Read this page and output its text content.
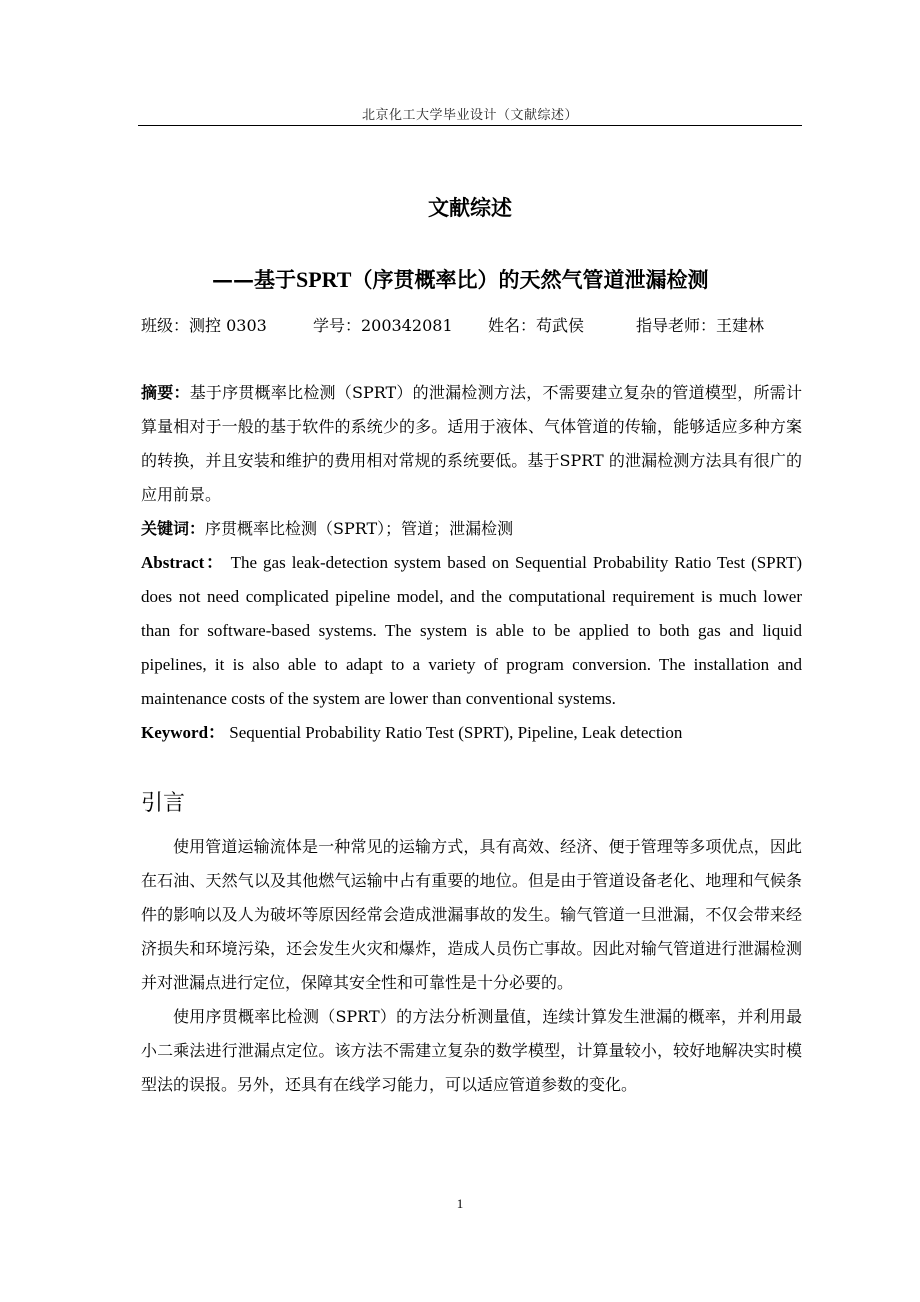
北京化工大学毕业设计（文献综述）
文献综述
——基于SPRT（序贯概率比）的天然气管道泄漏检测
班级：测控 0303	学号：200342081 姓名：苟武侯	指导老师：王建林
摘要：基于序贯概率比检测（SPRT）的泄漏检测方法，不需要建立复杂的管道模型，所需计算量相对于一般的基于软件的系统少的多。适用于液体、气体管道的传输，能够适应多种方案的转换，并且安装和维护的费用相对常规的系统要低。基于SPRT 的泄漏检测方法具有很广的应用前景。
关键词：序贯概率比检测（SPRT）；管道；泄漏检测
Abstract： The gas leak-detection system based on Sequential Probability Ratio Test (SPRT) does not need complicated pipeline model, and the computational requirement is much lower than for software-based systems. The system is able to be applied to both gas and liquid pipelines, it is also able to adapt to a variety of program conversion. The installation and maintenance costs of the system are lower than conventional systems.
Keyword： Sequential Probability Ratio Test (SPRT), Pipeline, Leak detection
引言
使用管道运输流体是一种常见的运输方式，具有高效、经济、便于管理等多项优点，因此在石油、天然气以及其他燃气运输中占有重要的地位。但是由于管道设备老化、地理和气候条件的影响以及人为破坏等原因经常会造成泄漏事故的发生。输气管道一旦泄漏，不仅会带来经济损失和环境污染，还会发生火灾和爆炸，造成人员伤亡事故。因此对输气管道进行泄漏检测并对泄漏点进行定位，保障其安全性和可靠性是十分必要的。
使用序贯概率比检测（SPRT）的方法分析测量值，连续计算发生泄漏的概率，并利用最小二乘法进行泄漏点定位。该方法不需建立复杂的数学模型，计算量较小，较好地解决实时模型法的误报。另外，还具有在线学习能力，可以适应管道参数的变化。
1
